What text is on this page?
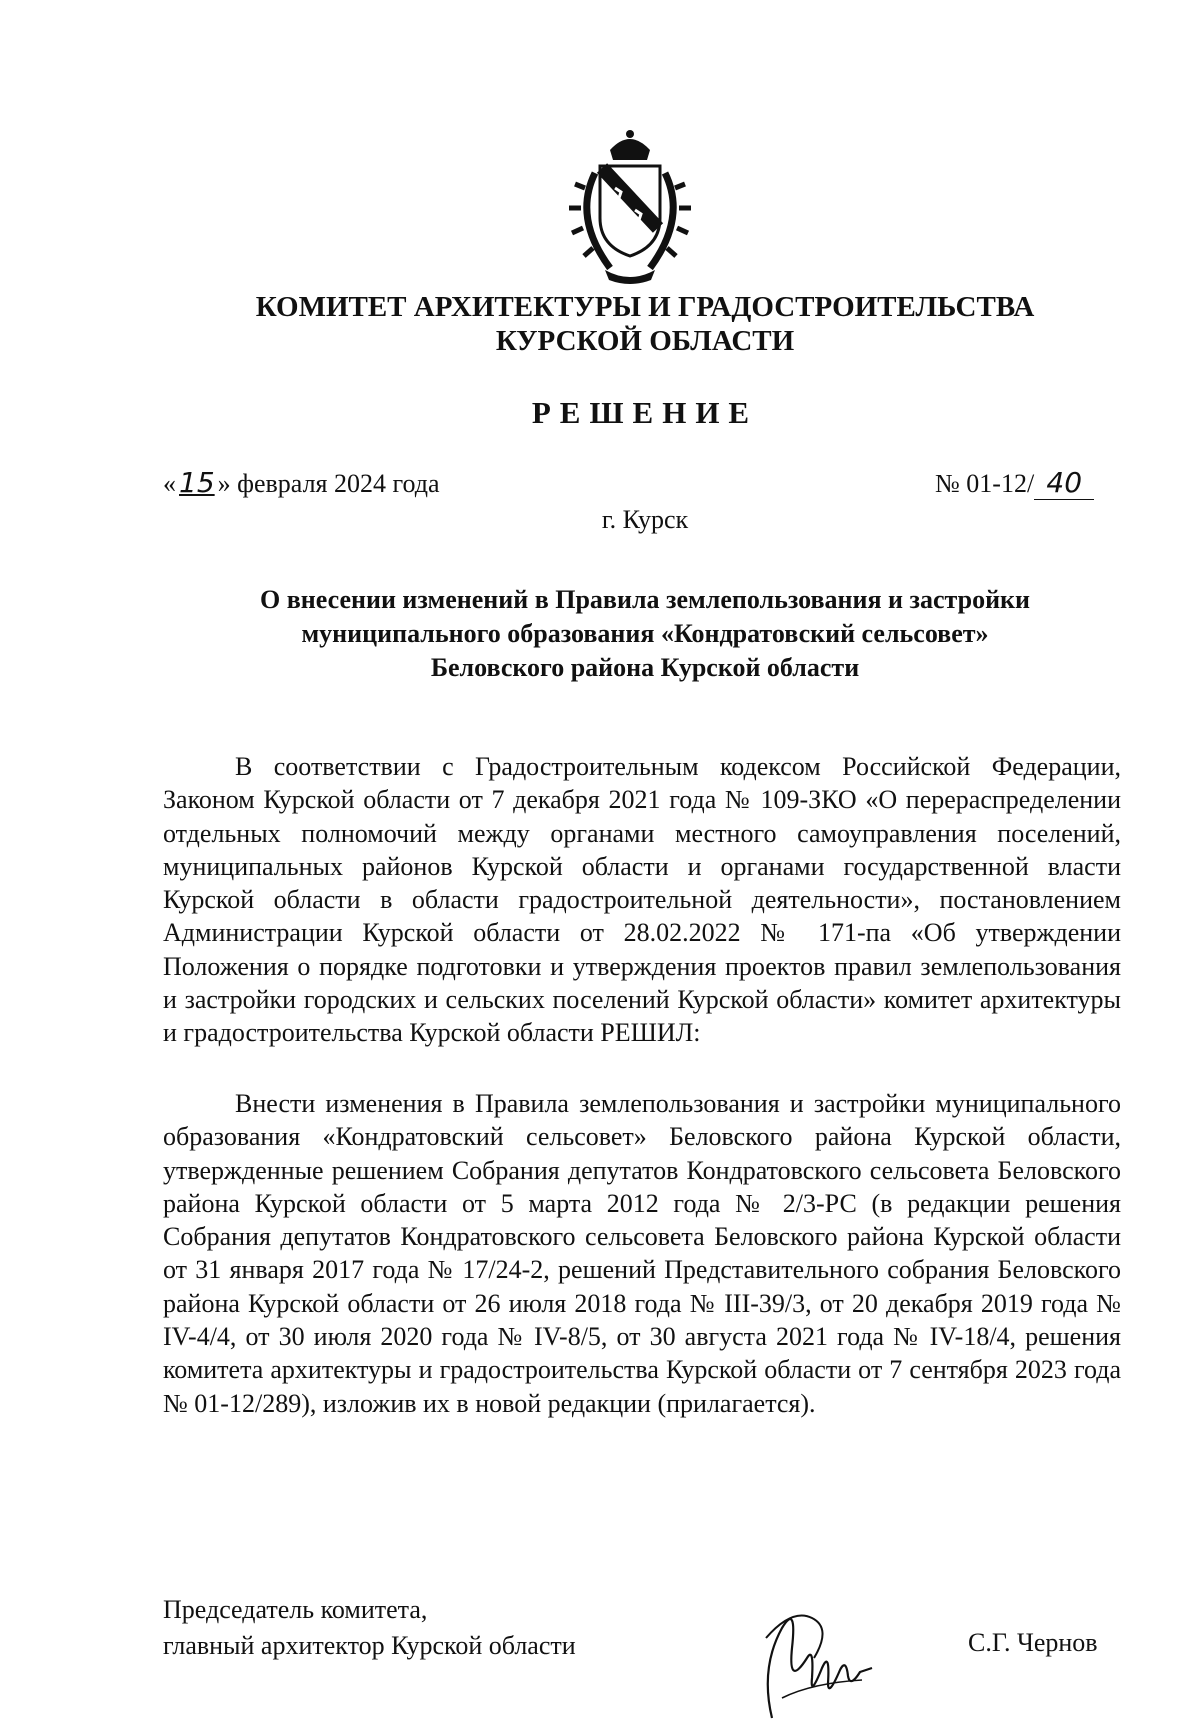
КОМИТЕТ АРХИТЕКТУРЫ И ГРАДОСТРОИТЕЛЬСТВА
КУРСКОЙ ОБЛАСТИ
РЕШЕНИЕ
« 15 » февраля 2024 года	№ 01-12/ 40
г. Курск
О внесении изменений в Правила землепользования и застройки
муниципального образования «Кондратовский сельсовет»
Беловского района Курской области

В соответствии с Градостроительным кодексом Российской Федерации, Законом Курской области от 7 декабря 2021 года № 109-ЗКО «О перераспределении отдельных полномочий между органами местного самоуправления поселений, муниципальных районов Курской области и органами государственной власти Курской области в области градостроительной деятельности», постановлением Администрации Курской области от 28.02.2022 № 171-па «Об утверждении Положения о порядке подготовки и утверждения проектов правил землепользования и застройки городских и сельских поселений Курской области» комитет архитектуры и градостроительства Курской области РЕШИЛ:

Внести изменения в Правила землепользования и застройки муниципального образования «Кондратовский сельсовет» Беловского района Курской области, утвержденные решением Собрания депутатов Кондратовского сельсовета Беловского района Курской области от 5 марта 2012 года № 2/3-РС (в редакции решения Собрания депутатов Кондратовского сельсовета Беловского района Курской области от 31 января 2017 года № 17/24-2, решений Представительного собрания Беловского района Курской области от 26 июля 2018 года № III-39/3, от 20 декабря 2019 года № IV-4/4, от 30 июля 2020 года № IV-8/5, от 30 августа 2021 года № IV-18/4, решения комитета архитектуры и градостроительства Курской области от 7 сентября 2023 года № 01-12/289), изложив их в новой редакции (прилагается).

Председатель комитета,
главный архитектор Курской области	С.Г. Чернов
